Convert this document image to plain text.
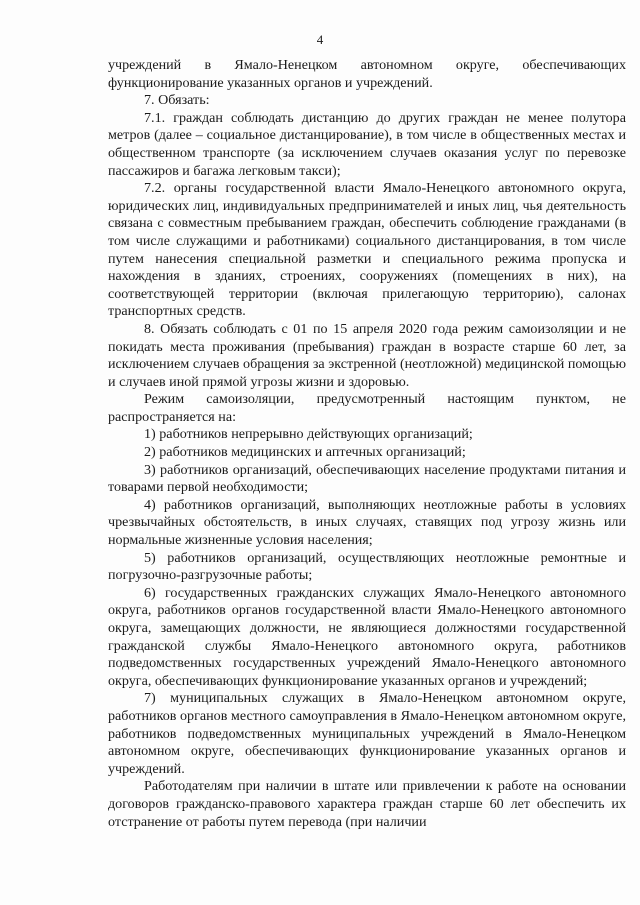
4

учреждений в Ямало-Ненецком автономном округе, обеспечивающих функционирование указанных органов и учреждений.

7. Обязать:

7.1. граждан соблюдать дистанцию до других граждан не менее полутора метров (далее – социальное дистанцирование), в том числе в общественных местах и общественном транспорте (за исключением случаев оказания услуг по перевозке пассажиров и багажа легковым такси);

7.2. органы государственной власти Ямало-Ненецкого автономного округа, юридических лиц, индивидуальных предпринимателей и иных лиц, чья деятельность связана с совместным пребыванием граждан, обеспечить соблюдение гражданами (в том числе служащими и работниками) социального дистанцирования, в том числе путем нанесения специальной разметки и специального режима пропуска и нахождения в зданиях, строениях, сооружениях (помещениях в них), на соответствующей территории (включая прилегающую территорию), салонах транспортных средств.

8. Обязать соблюдать с 01 по 15 апреля 2020 года режим самоизоляции и не покидать места проживания (пребывания) граждан в возрасте старше 60 лет, за исключением случаев обращения за экстренной (неотложной) медицинской помощью и случаев иной прямой угрозы жизни и здоровью.

Режим самоизоляции, предусмотренный настоящим пунктом, не распространяется на:

1) работников непрерывно действующих организаций;

2) работников медицинских и аптечных организаций;

3) работников организаций, обеспечивающих население продуктами питания и товарами первой необходимости;

4) работников организаций, выполняющих неотложные работы в условиях чрезвычайных обстоятельств, в иных случаях, ставящих под угрозу жизнь или нормальные жизненные условия населения;

5) работников организаций, осуществляющих неотложные ремонтные и погрузочно-разгрузочные работы;

6) государственных гражданских служащих Ямало-Ненецкого автономного округа, работников органов государственной власти Ямало-Ненецкого автономного округа, замещающих должности, не являющиеся должностями государственной гражданской службы Ямало-Ненецкого автономного округа, работников подведомственных государственных учреждений Ямало-Ненецкого автономного округа, обеспечивающих функционирование указанных органов и учреждений;

7) муниципальных служащих в Ямало-Ненецком автономном округе, работников органов местного самоуправления в Ямало-Ненецком автономном округе, работников подведомственных муниципальных учреждений в Ямало-Ненецком автономном округе, обеспечивающих функционирование указанных органов и учреждений.

Работодателям при наличии в штате или привлечении к работе на основании договоров гражданско-правового характера граждан старше 60 лет обеспечить их отстранение от работы путем перевода (при наличии
